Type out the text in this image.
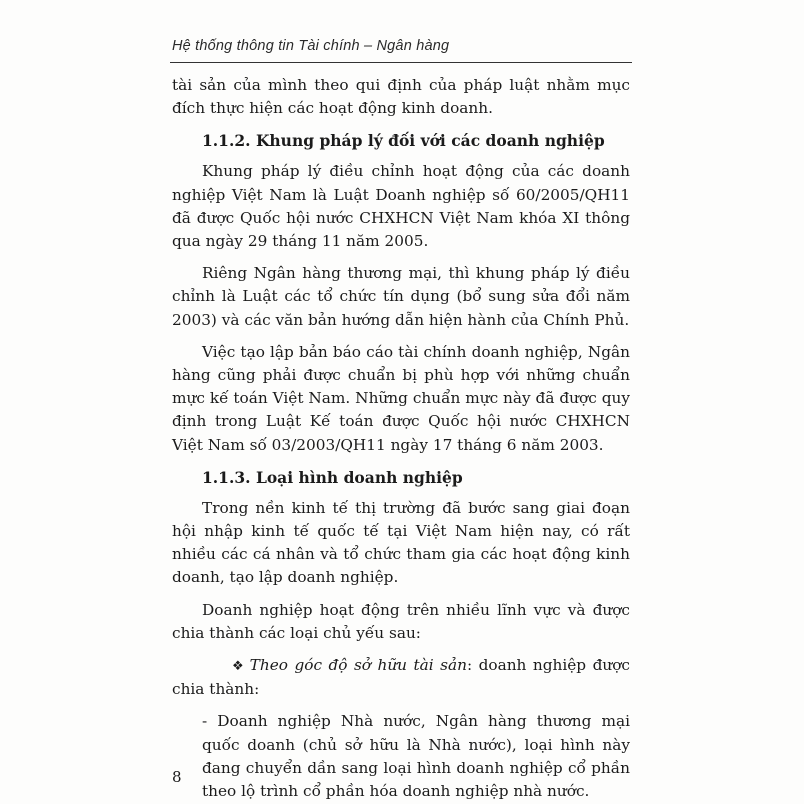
Hệ thống thông tin Tài chính – Ngân hàng

tài sản của mình theo qui định của pháp luật nhằm mục đích thực hiện các hoạt động kinh doanh.

1.1.2. Khung pháp lý đối với các doanh nghiệp

Khung pháp lý điều chỉnh hoạt động của các doanh nghiệp Việt Nam là Luật Doanh nghiệp số 60/2005/QH11 đã được Quốc hội nước CHXHCN Việt Nam khóa XI thông qua ngày 29 tháng 11 năm 2005.

Riêng Ngân hàng thương mại, thì khung pháp lý điều chỉnh là Luật các tổ chức tín dụng (bổ sung sửa đổi năm 2003) và các văn bản hướng dẫn hiện hành của Chính Phủ.

Việc tạo lập bản báo cáo tài chính doanh nghiệp, Ngân hàng cũng phải được chuẩn bị phù hợp với những chuẩn mực kế toán Việt Nam. Những chuẩn mực này đã được quy định trong Luật Kế toán được Quốc hội nước CHXHCN Việt Nam số 03/2003/QH11 ngày 17 tháng 6 năm 2003.

1.1.3. Loại hình doanh nghiệp

Trong nền kinh tế thị trường đã bước sang giai đoạn hội nhập kinh tế quốc tế tại Việt Nam hiện nay, có rất nhiều các cá nhân và tổ chức tham gia các hoạt động kinh doanh, tạo lập doanh nghiệp.

Doanh nghiệp hoạt động trên nhiều lĩnh vực và được chia thành các loại chủ yếu sau:

❖ Theo góc độ sở hữu tài sản: doanh nghiệp được chia thành:

- Doanh nghiệp Nhà nước, Ngân hàng thương mại quốc doanh (chủ sở hữu là Nhà nước), loại hình này đang chuyển dần sang loại hình doanh nghiệp cổ phần theo lộ trình cổ phần hóa doanh nghiệp nhà nước.

8
